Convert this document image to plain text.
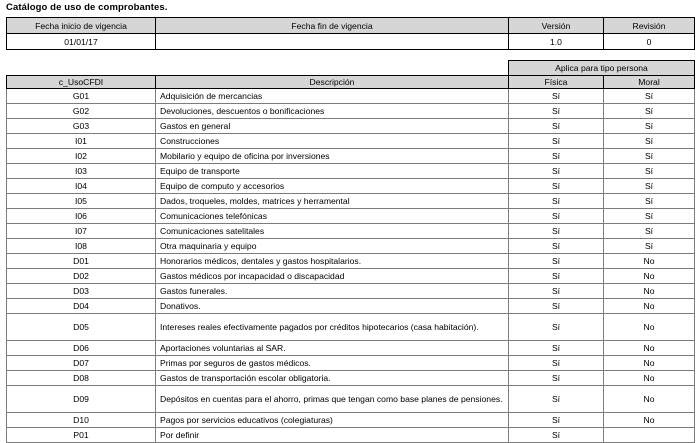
Catálogo de uso de comprobantes.
Fecha inicio de vigencia	Fecha fin de vigencia	Versión	Revisión
01/01/17		1.0	0
		Aplica para tipo persona	
c_UsoCFDI	Descripción	Física	Moral
G01	Adquisición de mercancias	Sí	Sí
G02	Devoluciones, descuentos o bonificaciones	Sí	Sí
G03	Gastos en general	Sí	Sí
I01	Construcciones	Sí	Sí
I02	Mobilario y equipo de oficina por inversiones	Sí	Sí
I03	Equipo de transporte	Sí	Sí
I04	Equipo de computo y accesorios	Sí	Sí
I05	Dados, troqueles, moldes, matrices y herramental	Sí	Sí
I06	Comunicaciones telefónicas	Sí	Sí
I07	Comunicaciones satelitales	Sí	Sí
I08	Otra maquinaria y equipo	Sí	Sí
D01	Honorarios médicos, dentales y gastos hospitalarios.	Sí	No
D02	Gastos médicos por incapacidad o discapacidad	Sí	No
D03	Gastos funerales.	Sí	No
D04	Donativos.	Sí	No
D05	Intereses reales efectivamente pagados por créditos hipotecarios (casa habitación).	Sí	No
D06	Aportaciones voluntarias al SAR.	Sí	No
D07	Primas por seguros de gastos médicos.	Sí	No
D08	Gastos de transportación escolar obligatoria.	Sí	No
D09	Depósitos en cuentas para el ahorro, primas que tengan como base planes de pensiones.	Sí	No
D10	Pagos por servicios educativos (colegiaturas)	Sí	No
P01	Por definir	Sí	
